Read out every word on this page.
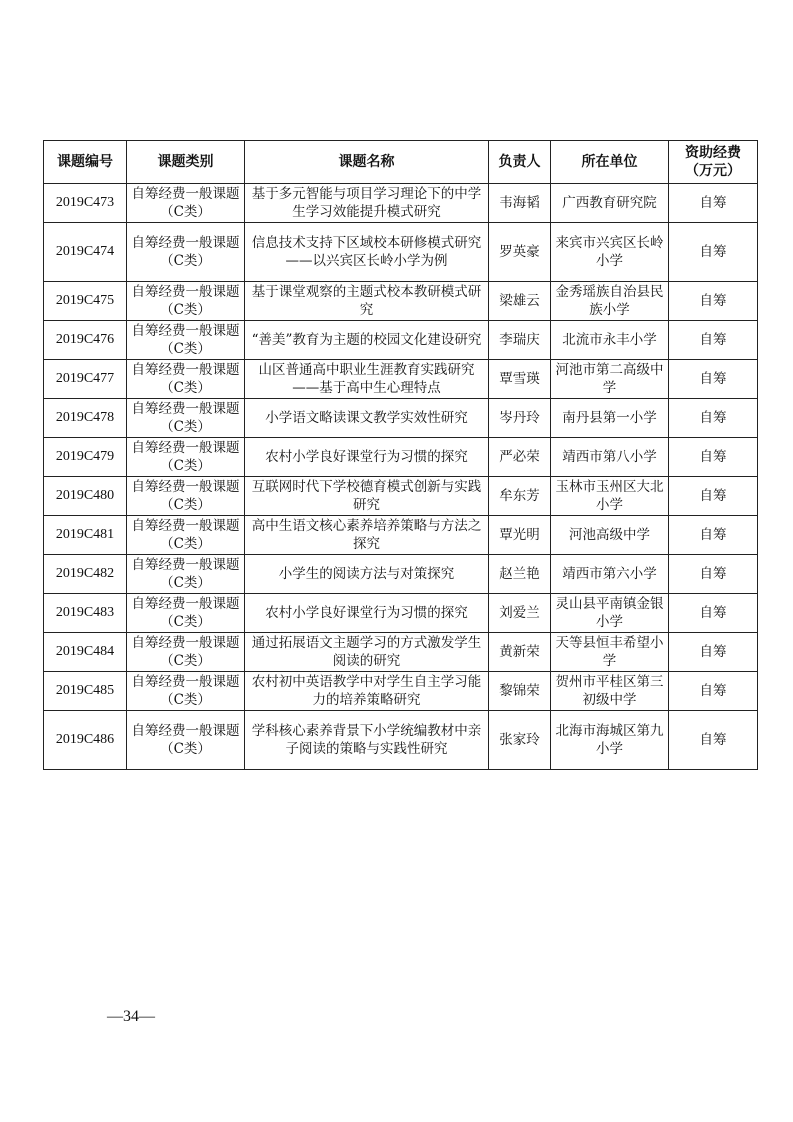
课题编号	课题类别	课题名称	负责人	所在单位	资助经费（万元）
2019C473	自筹经费一般课题（C类）	基于多元智能与项目学习理论下的中学生学习效能提升模式研究	韦海韬	广西教育研究院	自筹
2019C474	自筹经费一般课题（C类）	信息技术支持下区域校本研修模式研究——以兴宾区长岭小学为例	罗英豪	来宾市兴宾区长岭小学	自筹
2019C475	自筹经费一般课题（C类）	基于课堂观察的主题式校本教研模式研究	梁雄云	金秀瑶族自治县民族小学	自筹
2019C476	自筹经费一般课题（C类）	“善美”教育为主题的校园文化建设研究	李瑞庆	北流市永丰小学	自筹
2019C477	自筹经费一般课题（C类）	山区普通高中职业生涯教育实践研究 ——基于高中生心理特点	覃雪瑛	河池市第二高级中学	自筹
2019C478	自筹经费一般课题（C类）	小学语文略读课文教学实效性研究	岑丹玲	南丹县第一小学	自筹
2019C479	自筹经费一般课题（C类）	农村小学良好课堂行为习惯的探究	严必荣	靖西市第八小学	自筹
2019C480	自筹经费一般课题（C类）	互联网时代下学校德育模式创新与实践研究	牟东芳	玉林市玉州区大北小学	自筹
2019C481	自筹经费一般课题（C类）	高中生语文核心素养培养策略与方法之探究	覃光明	河池高级中学	自筹
2019C482	自筹经费一般课题（C类）	小学生的阅读方法与对策探究	赵兰艳	靖西市第六小学	自筹
2019C483	自筹经费一般课题（C类）	农村小学良好课堂行为习惯的探究	刘爱兰	灵山县平南镇金银小学	自筹
2019C484	自筹经费一般课题（C类）	通过拓展语文主题学习的方式激发学生阅读的研究	黄新荣	天等县恒丰希望小学	自筹
2019C485	自筹经费一般课题（C类）	农村初中英语教学中对学生自主学习能力的培养策略研究	黎锦荣	贺州市平桂区第三初级中学	自筹
2019C486	自筹经费一般课题（C类）	学科核心素养背景下小学统编教材中亲子阅读的策略与实践性研究	张家玲	北海市海城区第九小学	自筹
—34—
